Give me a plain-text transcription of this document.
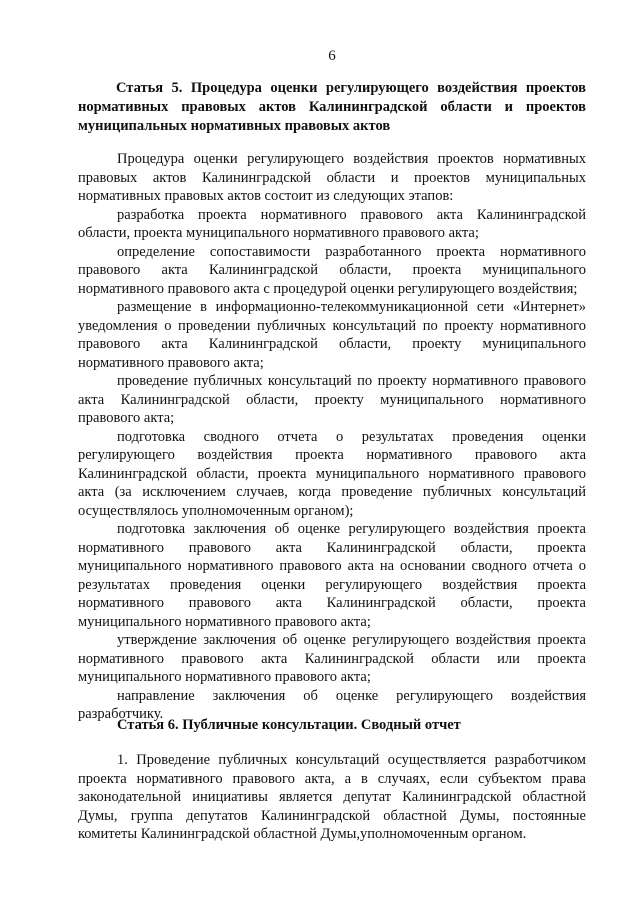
6
Статья 5. Процедура оценки регулирующего воздействия проектов нормативных правовых актов Калининградской области и проектов муниципальных нормативных правовых актов

Процедура оценки регулирующего воздействия проектов нормативных правовых актов Калининградской области и проектов муниципальных нормативных правовых актов состоит из следующих этапов:

разработка проекта нормативного правового акта Калининградской области, проекта муниципального нормативного правового акта;

определение сопоставимости разработанного проекта нормативного правового акта Калининградской области, проекта муниципального нормативного правового акта с процедурой оценки регулирующего воздействия;

размещение в информационно-телекоммуникационной сети «Интернет» уведомления о проведении публичных консультаций по проекту нормативного правового акта Калининградской области, проекту муниципального нормативного правового акта;

проведение публичных консультаций по проекту нормативного правового акта Калининградской области, проекту муниципального нормативного правового акта;

подготовка сводного отчета о результатах проведения оценки регулирующего воздействия проекта нормативного правового акта Калининградской области, проекта муниципального нормативного правового акта (за исключением случаев, когда проведение публичных консультаций осуществлялось уполномоченным органом);

подготовка заключения об оценке регулирующего воздействия проекта нормативного правового акта Калининградской области, проекта муниципального нормативного правового акта на основании сводного отчета о результатах проведения оценки регулирующего воздействия проекта нормативного правового акта Калининградской области, проекта муниципального нормативного правового акта;

утверждение заключения об оценке регулирующего воздействия проекта нормативного правового акта Калининградской области или проекта муниципального нормативного правового акта;

направление заключения об оценке регулирующего воздействия разработчику.

Статья 6. Публичные консультации. Сводный отчет

1. Проведение публичных консультаций осуществляется разработчиком проекта нормативного правового акта, а в случаях, если субъектом права законодательной инициативы является депутат Калининградской областной Думы, группа депутатов Калининградской областной Думы, постоянные комитеты Калининградской областной Думы,уполномоченным органом.
